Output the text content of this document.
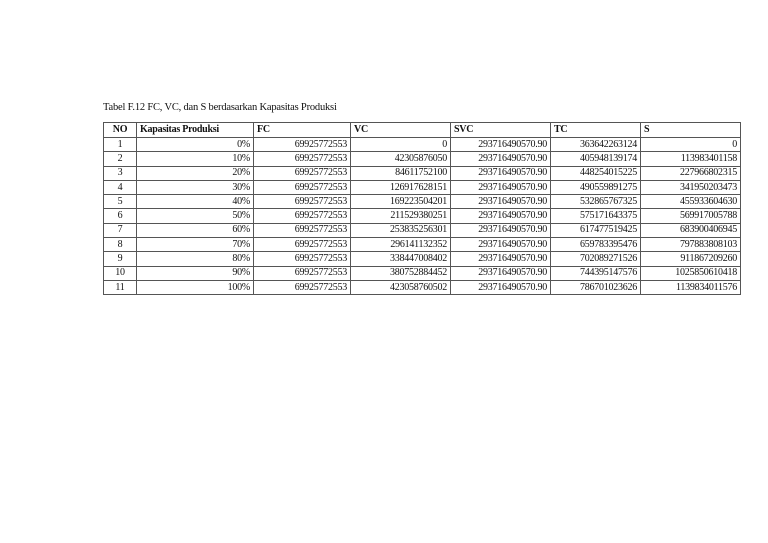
Tabel F.12 FC, VC, dan S berdasarkan Kapasitas Produksi
NO	Kapasitas Produksi	FC	VC	SVC	TC	S
1	0%	69925772553	0	293716490570.90	363642263124	0
2	10%	69925772553	42305876050	293716490570.90	405948139174	113983401158
3	20%	69925772553	84611752100	293716490570.90	448254015225	227966802315
4	30%	69925772553	126917628151	293716490570.90	490559891275	341950203473
5	40%	69925772553	169223504201	293716490570.90	532865767325	455933604630
6	50%	69925772553	211529380251	293716490570.90	575171643375	569917005788
7	60%	69925772553	253835256301	293716490570.90	617477519425	683900406945
8	70%	69925772553	296141132352	293716490570.90	659783395476	797883808103
9	80%	69925772553	338447008402	293716490570.90	702089271526	911867209260
10	90%	69925772553	380752884452	293716490570.90	744395147576	1025850610418
11	100%	69925772553	423058760502	293716490570.90	786701023626	1139834011576
